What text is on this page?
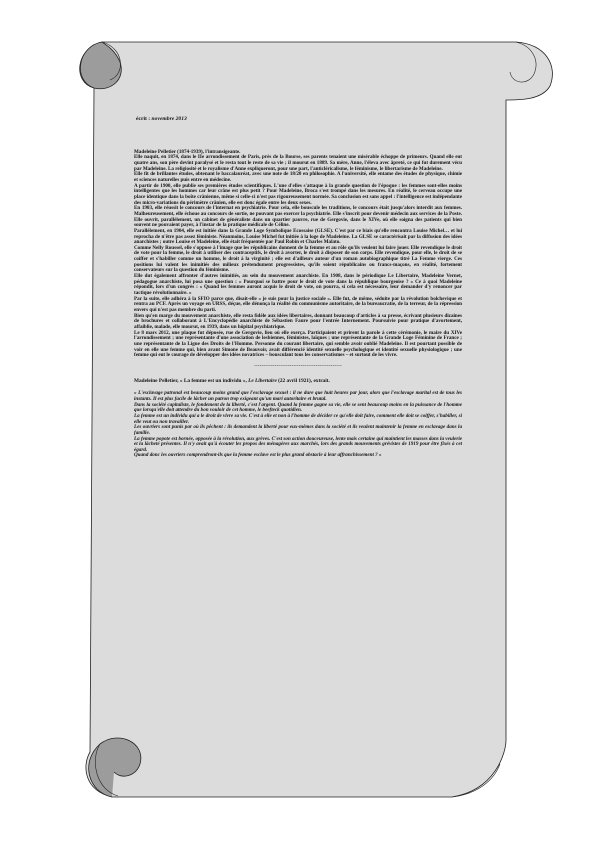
écrit : novembre 2013

Madeleine Pelletier (1874-1939), l'intransigeante.

Elle naquit, en 1874, dans le IIe arrondissement de Paris, près de la Bourse, ses parents tenaient une misérable échoppe de primeurs. Quand elle eut quatre ans, son père devint paralysé et le resta tout le reste de sa vie ; il mourut en 1889. Sa mère, Anne, l'éleva avec âpreté, ce qui fut durement vécu par Madeleine. La religiosité et le royalisme d'Anne expliqueront, pour une part, l'anticléricalisme, le féminisme, le libertarisme de Madeleine.

Elle fit de brillantes études, obtenant le baccalauréat, avec une note de 18/20 en philosophie. A l'université, elle entame des études de physique, chimie et sciences naturelles puis entre en médecine.

A partir de 1900, elle publie ses premières études scientifiques. L'une d'elles s'attaque à la grande question de l'époque : les femmes sont-elles moins intelligentes que les hommes car leur crâne est plus petit ? Pour Madeleine, Broca s'est trompé dans les mesures. En réalité, le cerveau occupe une place identique dans la boîte crânienne, même si celle-ci n'est pas rigoureusement normée. Sa conclusion est sans appel : l'intelligence est indépendante des micro-variations du périmètre crânien, elle est donc égale entre les deux sexes.

En 1903, elle réussit le concours de l'internat en psychiatrie. Pour cela, elle bouscule les traditions, le concours était jusqu'alors interdit aux femmes. Malheureusement, elle échoue au concours de sortie, ne pouvant pas exercer la psychiatrie. Elle s'inscrit pour devenir médecin aux services de la Poste. Elle ouvrit, parallèlement, un cabinet de généraliste dans un quartier pauvre, rue de Gergovie, dans le XIVe, où elle soigna des patients qui bien souvent ne pouvaient payer, à l'instar de la pratique médicale de Céline.

Parallèlement, en 1904, elle est initiée dans la Grande Loge Symbolique Ecossaise (GLSE). C'est par ce biais qu'elle rencontra Louise Michel… et lui reprocha de n'être pas assez féministe. Néanmoins, Louise Michel fut initiée à la loge de Madeleine. La GLSE se caractérisait par la diffusion des idées anarchistes ; outre Louise et Madeleine, elle était fréquentée par Paul Robin et Charles Malato.

Comme Nelly Roussel, elle s'oppose à l'image que les républicains donnent de la femme et au rôle qu'ils veulent lui faire jouer. Elle revendique le droit de vote pour la femme, le droit à utiliser des contraceptifs, le droit à avorter, le droit à disposer de son corps. Elle revendique, pour elle, le droit de se coiffer et s'habiller comme un homme, le droit à la virginité ; elle est d'ailleurs auteur d'un roman autobiographique titré La Femme vierge. Ces positions lui valent les inimitiés des milieux prétendument progressistes, qu'ils soient républicains ou francs-maçons, en réalité, fortement conservateurs sur la question du féminisme.

Elle dut également affronter d'autres inimitiés, au sein du mouvement anarchiste. En 1908, dans le périodique Le Libertaire, Madeleine Vernet, pédagogue anarchiste, lui posa une question : « Pourquoi se battre pour le droit de vote dans la république bourgeoise ? » Ce à quoi Madeleine répondit, lors d'un congrès : « Quand les femmes auront acquis le droit de vote, on pourra, si cela est nécessaire, leur demander d'y renoncer par tactique révolutionnaire. »

Par la suite, elle adhéra à la SFIO parce que, disait-elle « je suis pour la justice sociale ». Elle fut, de même, séduite par la révolution bolchevique et rentra au PCF. Après un voyage en URSS, déçue, elle dénonça la réalité du communisme autoritaire, de la bureaucratie, de la terreur, de la répression envers qui n'est pas membre du parti.

Bien qu'en marge du mouvement anarchiste, elle resta fidèle aux idées libertaires, donnant beaucoup d'articles à sa presse, écrivant plusieurs dizaines de brochures et collaborant à L'Encyclopédie anarchiste de Sébastien Faure pour l'entrée Internement. Poursuivie pour pratique d'avortement, affaiblie, malade, elle mourut, en 1939, dans un hôpital psychiatrique.

Le 8 mars 2012, une plaque fut déposée, rue de Gergovie, lieu où elle exerça. Participaient et prirent la parole à cette cérémonie, le maire du XIVe l'arrondissement ; une représentante d'une association de lesbiennes, féministes, laïques ; une représentante de la Grande Loge Féminine de France ; une représentante de la Ligue des Droits de l'Homme. Personne du courant libertaire, qui semble avoir oublié Madeleine. Il est pourtant possible de voir en elle une femme qui, bien avant Simone de Beauvoir, avait différencié identité sexuelle psychologique et identité sexuelle physiologique ; une femme qui eut le courage de développer des idées novatrices – bousculant tous les conservatismes – et surtout de les vivre.

-----------------------------------------------
Madeleine Pelletier, « La femme est un individu », Le Libertaire (22 avril 1921), extrait.

« L'esclavage patronal est beaucoup moins grand que l'esclavage sexuel : il ne dure que huit heures par jour, alors que l'esclavage marital est de tous les instants. Il est plus facile de lâcher un patron trop exigeant qu'un mari autoritaire et brutal.

Dans la société capitaliste, le fondement de la liberté, c'est l'argent. Quand la femme gagne sa vie, elle se sent beaucoup moins en la puissance de l'homme que lorsqu'elle doit attendre du bon vouloir de cet homme, le beefteck quotidien.

La femme est un individu qui a le droit de vivre sa vie. C'est à elle et non à l'homme de décider ce qu'elle doit faire, comment elle doit se coiffer, s'habiller, si elle veut ou non travailler.

Les ouvriers sont punis par où ils pêchent : ils demandent la liberté pour eux-mêmes dans la société et ils veulent maintenir la femme en esclavage dans la famille.

La femme popote est bornée, opposée à la révolution, aux grèves. C'est son action douceureuse, lente mais certaine qui maintient les masses dans la veulerie et la lâcheté présentes. Il n'y avait qu'à écouter les propos des ménagères aux marchés, lors des grands mouvements grévistes de 1919 pour être fixés à cet égard.

Quand donc les ouvriers comprendront-ils que la femme esclave est le plus grand obstacle à leur affranchissement ? »
